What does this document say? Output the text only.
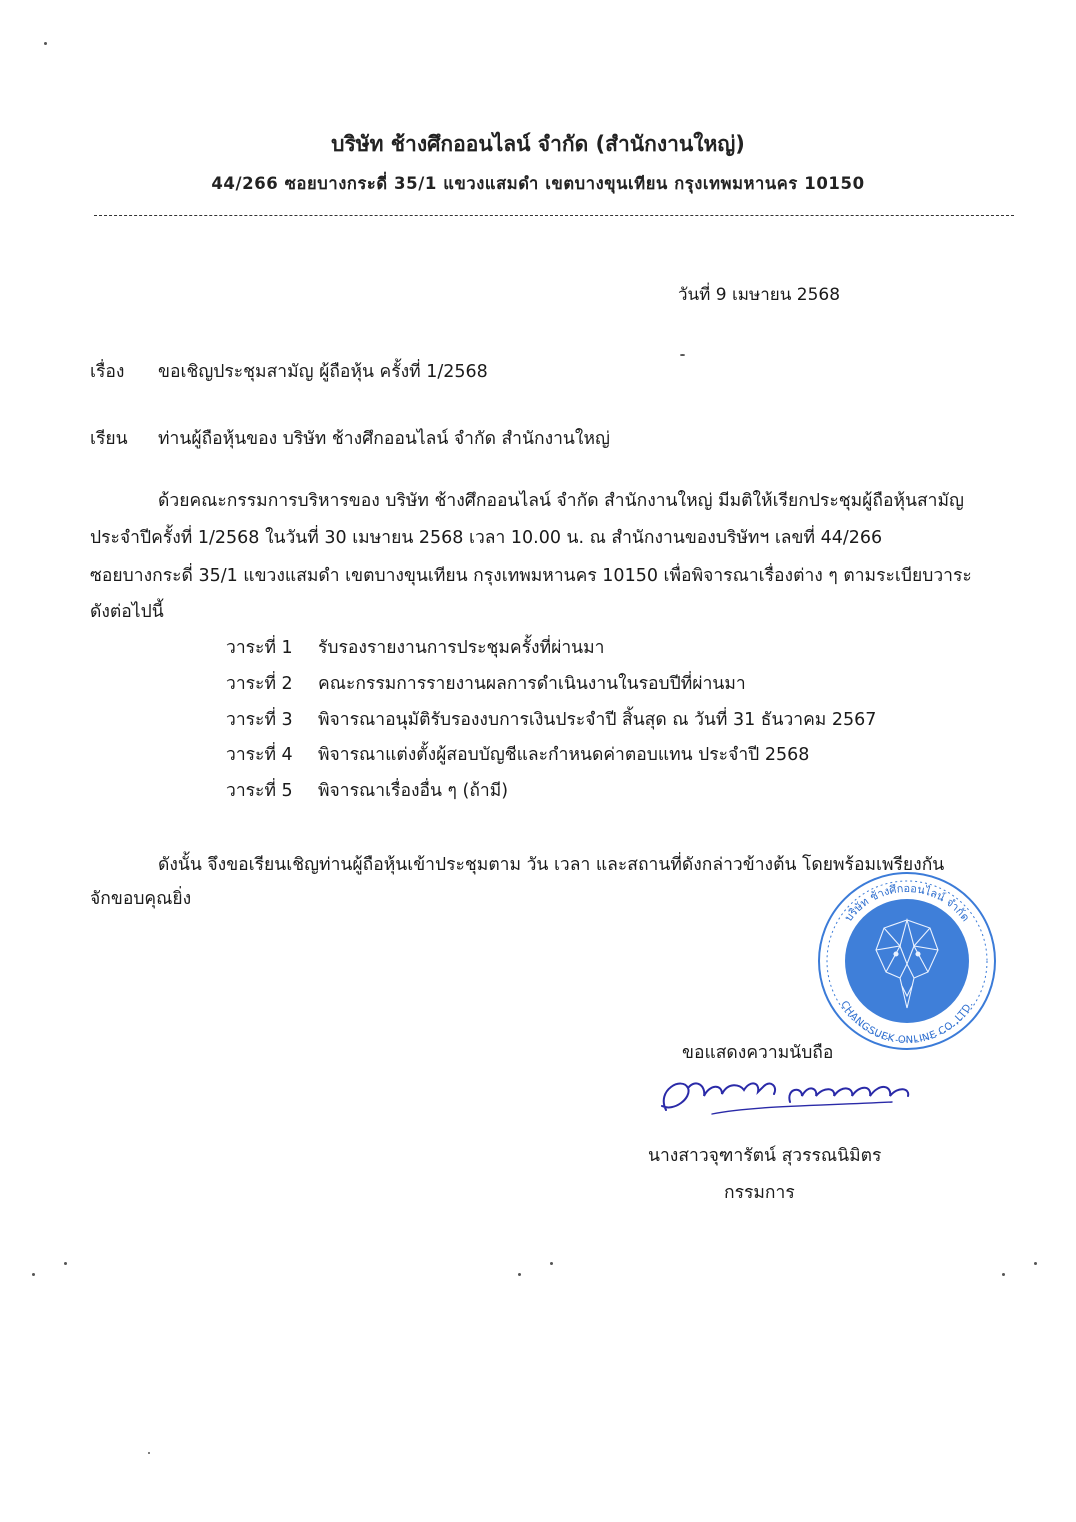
บริษัท ช้างศึกออนไลน์ จำกัด (สำนักงานใหญ่)
44/266 ซอยบางกระดี่ 35/1 แขวงแสมดำ เขตบางขุนเทียน กรุงเทพมหานคร 10150
วันที่ 9 เมษายน 2568
เรื่อง ขอเชิญประชุมสามัญ ผู้ถือหุ้น ครั้งที่ 1/2568
เรียน ท่านผู้ถือหุ้นของ บริษัท ช้างศึกออนไลน์ จำกัด สำนักงานใหญ่
ด้วยคณะกรรมการบริหารของ บริษัท ช้างศึกออนไลน์ จำกัด สำนักงานใหญ่ มีมติให้เรียกประชุมผู้ถือหุ้นสามัญ
ประจำปีครั้งที่ 1/2568 ในวันที่ 30 เมษายน 2568 เวลา 10.00 น. ณ สำนักงานของบริษัทฯ เลขที่ 44/266
ซอยบางกระดี่ 35/1 แขวงแสมดำ เขตบางขุนเทียน กรุงเทพมหานคร 10150 เพื่อพิจารณาเรื่องต่าง ๆ ตามระเบียบวาระ
ดังต่อไปนี้
วาระที่ 1 รับรองรายงานการประชุมครั้งที่ผ่านมา
วาระที่ 2 คณะกรรมการรายงานผลการดำเนินงานในรอบปีที่ผ่านมา
วาระที่ 3 พิจารณาอนุมัติรับรองงบการเงินประจำปี สิ้นสุด ณ วันที่ 31 ธันวาคม 2567
วาระที่ 4 พิจารณาแต่งตั้งผู้สอบบัญชีและกำหนดค่าตอบแทน ประจำปี 2568
วาระที่ 5 พิจารณาเรื่องอื่น ๆ (ถ้ามี)
ดังนั้น จึงขอเรียนเชิญท่านผู้ถือหุ้นเข้าประชุมตาม วัน เวลา และสถานที่ดังกล่าวข้างต้น โดยพร้อมเพรียงกัน
จักขอบคุณยิ่ง
บริษัท ช้างศึกออนไลน์ จำกัด
CHANGSUEK ONLINE CO.,LTD.
ขอแสดงความนับถือ
นางสาวจุฑารัตน์ สุวรรณนิมิตร
กรรมการ
